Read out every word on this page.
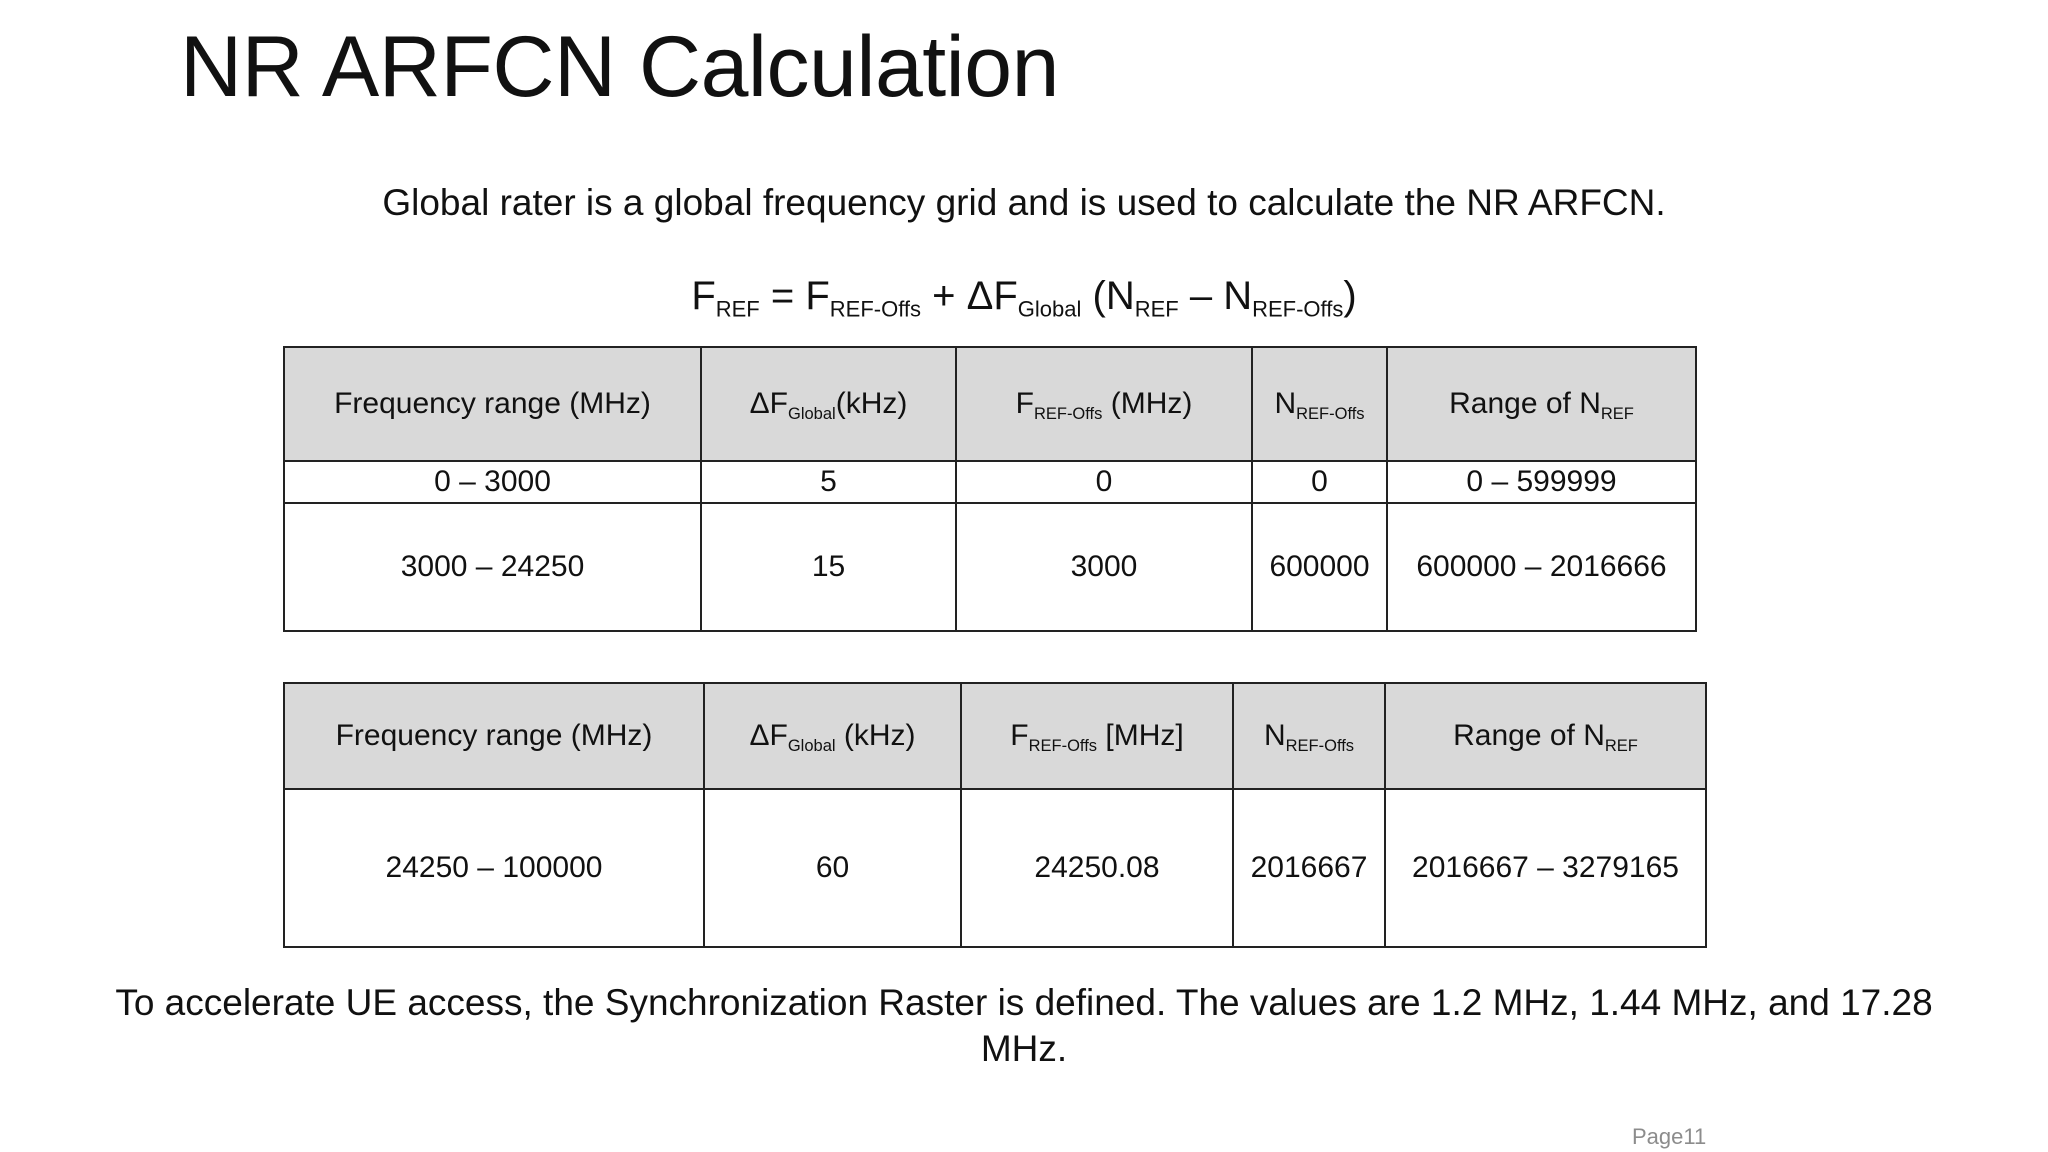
NR ARFCN Calculation
Global rater is a global frequency grid and is used to calculate the NR ARFCN.
$F_{REF} = F_{REF-Offs} + \Delta F_{Global}$ $(N_{REF} - N_{REF-Offs})$
Frequency range (MHz)	$\Delta F_{Global}(kHz)$	$F_{REF-Offs}$ (MHz)	$N_{REF-Offs}$	Range of $N_{REF}$
0 – 3000	5	0	0	0 – 599999
3000 – 24250	15	3000	600000	600000 – 2016666
Frequency range (MHz)	$\Delta F_{Global}$ (kHz)	$F_{REF-Offs}$ [MHz]	$N_{REF-Offs}$	Range of $N_{REF}$
24250 – 100000	60	24250.08	2016667	2016667 – 3279165
To accelerate UE access, the Synchronization Raster is defined. The values are 1.2 MHz, 1.44 MHz, and 17.28 MHz.
Page11
